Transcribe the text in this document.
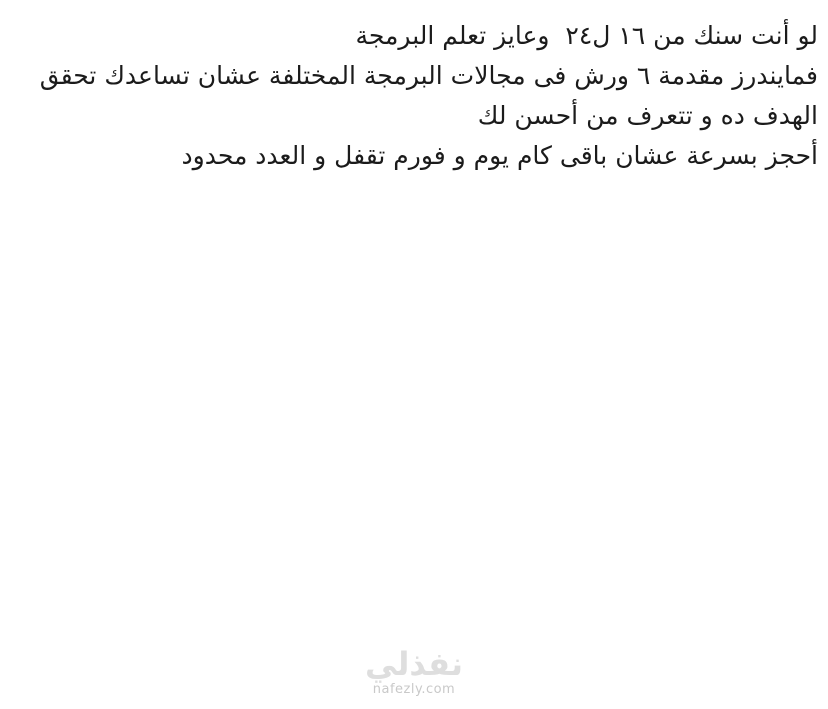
لو أنت سنك من ١٦ ل٢٤  وعايز تعلم البرمجة

فمايندرز مقدمة ٦ ورش فى مجالات البرمجة المختلفة عشان تساعدك تحقق

الهدف ده و تتعرف من أحسن لك

أحجز بسرعة عشان باقى كام يوم و فورم تقفل و العدد محدود

نفذلي
nafezly.com
